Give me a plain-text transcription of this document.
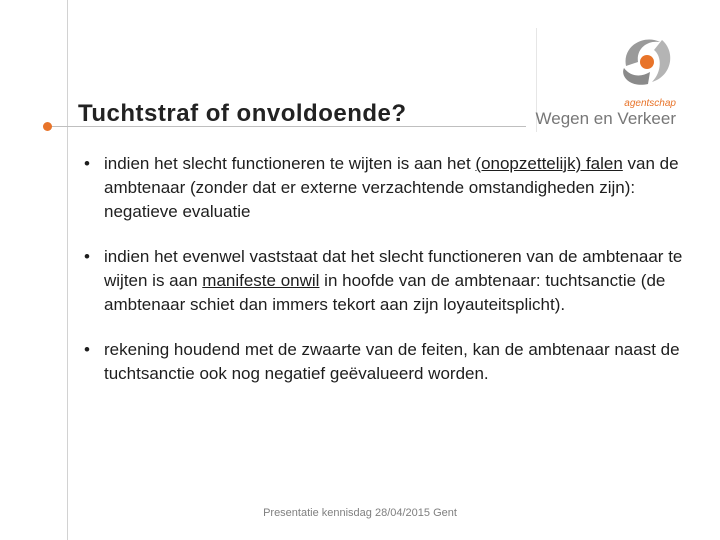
Tuchtstraf of onvoldoende?	agentschap
Wegen en Verkeer
• indien het slecht functioneren te wijten is aan het (onopzettelijk) falen van de ambtenaar (zonder dat er externe verzachtende omstandigheden zijn): negatieve evaluatie
• indien het evenwel vaststaat dat het slecht functioneren van de ambtenaar te wijten is aan manifeste onwil in hoofde van de ambtenaar: tuchtsanctie (de ambtenaar schiet dan immers tekort aan zijn loyauteitsplicht).
• rekening houdend met de zwaarte van de feiten, kan de ambtenaar naast de tuchtsanctie ook nog negatief geëvalueerd worden.
Presentatie kennisdag 28/04/2015 Gent
